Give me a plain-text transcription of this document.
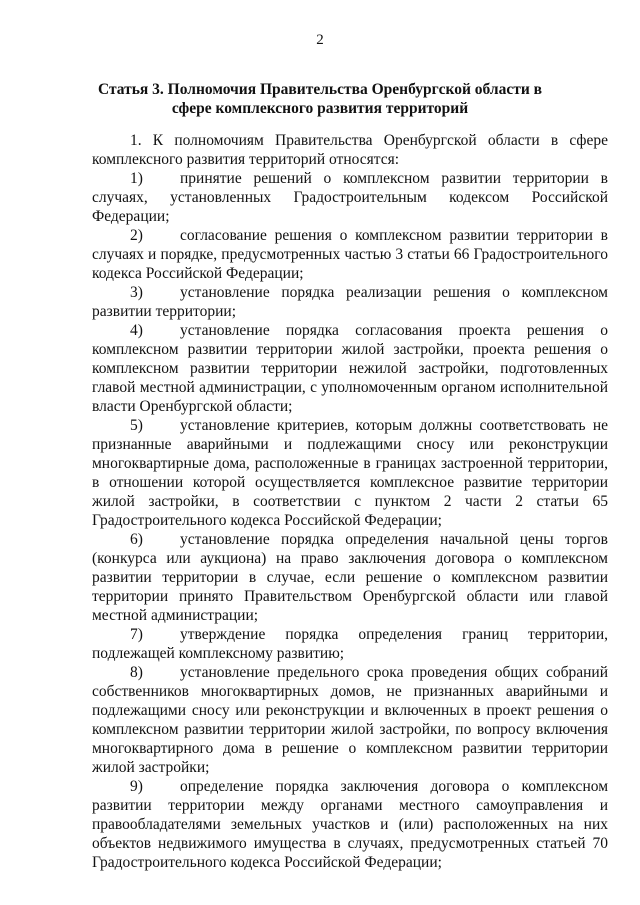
2
Статья 3. Полномочия Правительства Оренбургской области в
сфере комплексного развития территорий

1. К полномочиям Правительства Оренбургской области в сфере комплексного развития территорий относятся:

1) принятие решений о комплексном развитии территории в случаях, установленных Градостроительным кодексом Российской Федерации;

2) согласование решения о комплексном развитии территории в случаях и порядке, предусмотренных частью 3 статьи 66 Градостроительного кодекса Российской Федерации;

3) установление порядка реализации решения о комплексном развитии территории;

4) установление порядка согласования проекта решения о комплексном развитии территории жилой застройки, проекта решения о комплексном развитии территории нежилой застройки, подготовленных главой местной администрации, с уполномоченным органом исполнительной власти Оренбургской области;

5) установление критериев, которым должны соответствовать не признанные аварийными и подлежащими сносу или реконструкции многоквартирные дома, расположенные в границах застроенной территории, в отношении которой осуществляется комплексное развитие территории жилой застройки, в соответствии с пунктом 2 части 2 статьи 65 Градостроительного кодекса Российской Федерации;

6) установление порядка определения начальной цены торгов (конкурса или аукциона) на право заключения договора о комплексном развитии территории в случае, если решение о комплексном развитии территории принято Правительством Оренбургской области или главой местной администрации;

7) утверждение порядка определения границ территории, подлежащей комплексному развитию;

8) установление предельного срока проведения общих собраний собственников многоквартирных домов, не признанных аварийными и подлежащими сносу или реконструкции и включенных в проект решения о комплексном развитии территории жилой застройки, по вопросу включения многоквартирного дома в решение о комплексном развитии территории жилой застройки;

9) определение порядка заключения договора о комплексном развитии территории между органами местного самоуправления и правообладателями земельных участков и (или) расположенных на них объектов недвижимого имущества в случаях, предусмотренных статьей 70 Градостроительного кодекса Российской Федерации;
